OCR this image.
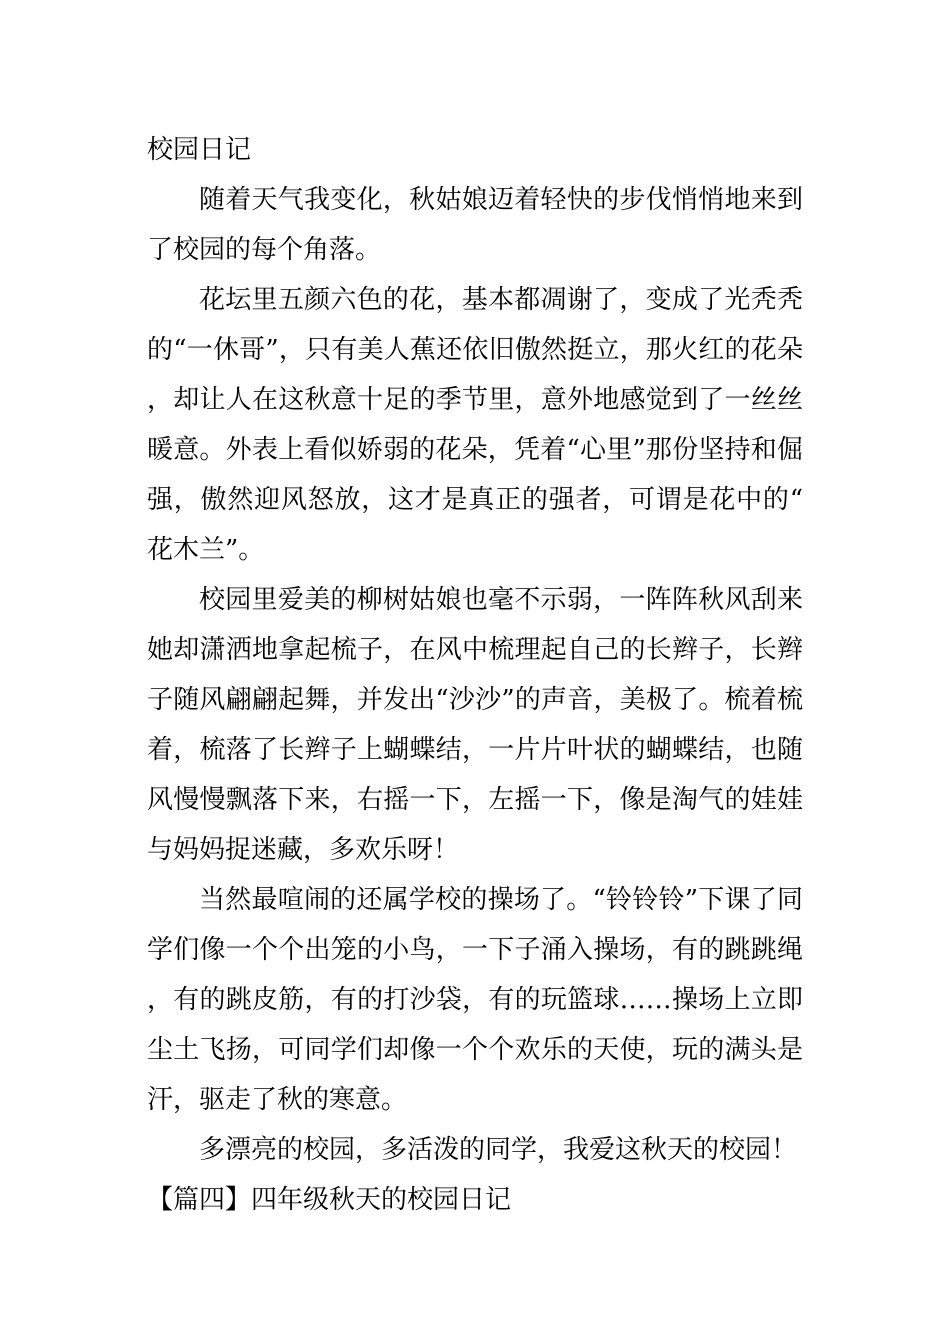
校园日记

随着天气我变化，秋姑娘迈着轻快的步伐悄悄地来到了校园的每个角落。

花坛里五颜六色的花，基本都凋谢了，变成了光秃秃的“一休哥”，只有美人蕉还依旧傲然挺立，那火红的花朵，却让人在这秋意十足的季节里，意外地感觉到了一丝丝暖意。外表上看似娇弱的花朵，凭着“心里”那份坚持和倔强，傲然迎风怒放，这才是真正的强者，可谓是花中的“花木兰”。

校园里爱美的柳树姑娘也毫不示弱，一阵阵秋风刮来她却潇洒地拿起梳子，在风中梳理起自己的长辫子，长辫子随风翩翩起舞，并发出“沙沙”的声音，美极了。梳着梳着，梳落了长辫子上蝴蝶结，一片片叶状的蝴蝶结，也随风慢慢飘落下来，右摇一下，左摇一下，像是淘气的娃娃与妈妈捉迷藏，多欢乐呀！

当然最喧闹的还属学校的操场了。“铃铃铃”下课了同学们像一个个出笼的小鸟，一下子涌入操场，有的跳跳绳，有的跳皮筋，有的打沙袋，有的玩篮球……操场上立即尘土飞扬，可同学们却像一个个欢乐的天使，玩的满头是汗，驱走了秋的寒意。

多漂亮的校园，多活泼的同学，我爱这秋天的校园！

【篇四】四年级秋天的校园日记
